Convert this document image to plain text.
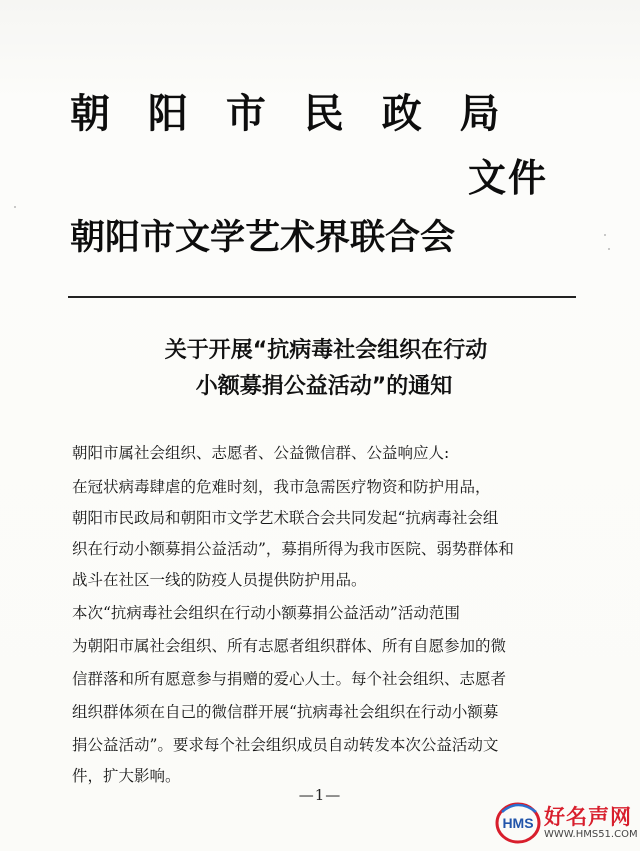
朝 阳 市 民 政 局
文件
朝阳市文学艺术界联合会
关于开展“抗病毒社会组织在行动
小额募捐公益活动”的通知
朝阳市属社会组织、志愿者、公益微信群、公益响应人:
在冠状病毒肆虐的危难时刻，我市急需医疗物资和防护用品，
朝阳市民政局和朝阳市文学艺术联合会共同发起“抗病毒社会组
织在行动小额募捐公益活动”，募捐所得为我市医院、弱势群体和
战斗在社区一线的防疫人员提供防护用品。
本次“抗病毒社会组织在行动小额募捐公益活动”活动范围
为朝阳市属社会组织、所有志愿者组织群体、所有自愿参加的微
信群落和所有愿意参与捐赠的爱心人士。每个社会组织、志愿者
组织群体须在自己的微信群开展“抗病毒社会组织在行动小额募
捐公益活动”。要求每个社会组织成员自动转发本次公益活动文
件，扩大影响。
—1—
HMS 好名声网
WWW.HMS51.COM
